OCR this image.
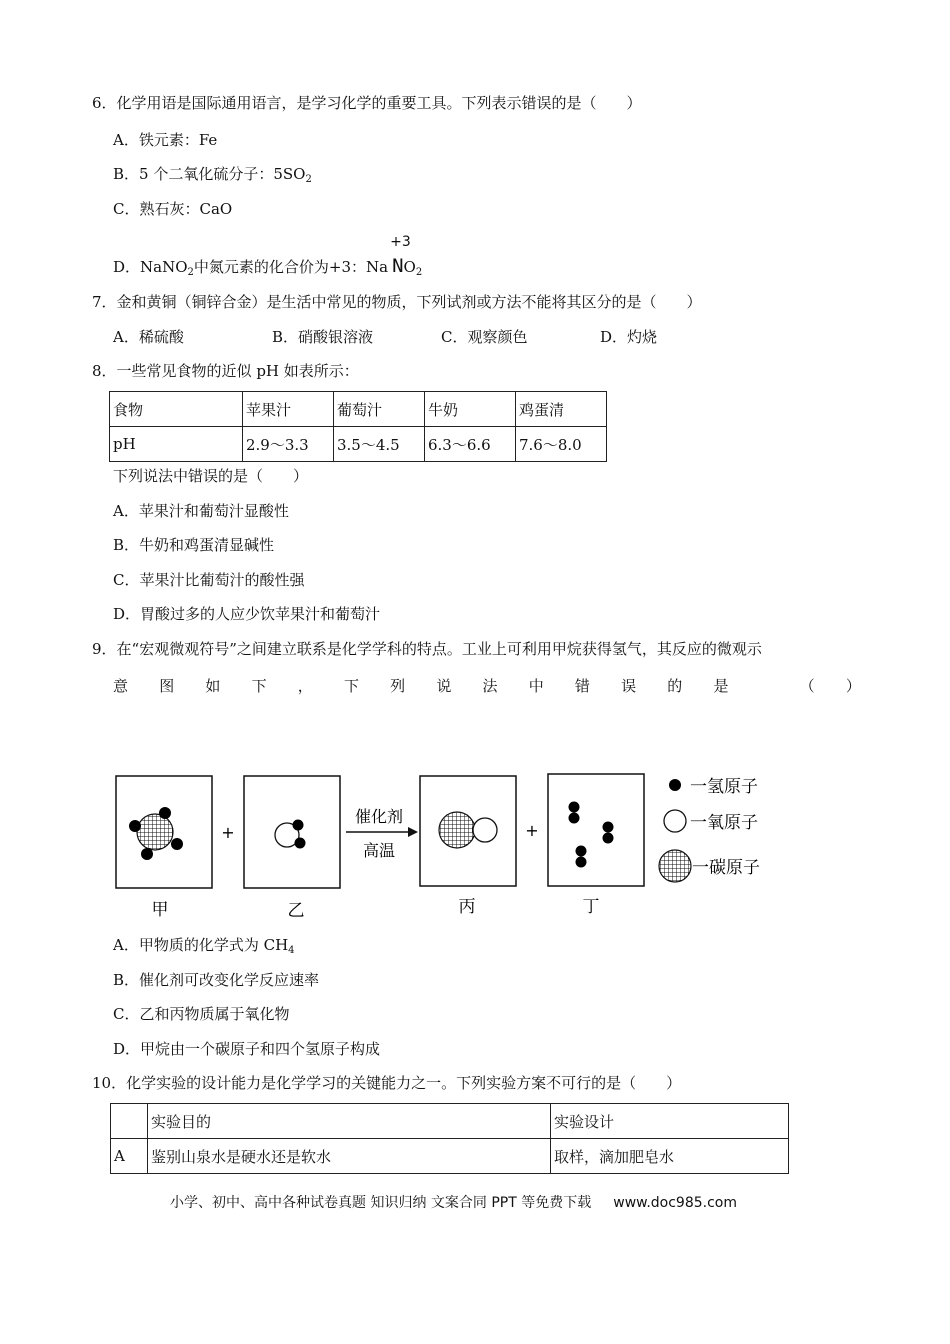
6．化学用语是国际通用语言，是学习化学的重要工具。下列表示错误的是（　　）
A．铁元素：Fe
B．5 个二氧化硫分子：$5SO_2$
C．熟石灰：CaO
D．NaNO$_2$中氮元素的化合价为+3：Na
+3
$NO_2$
7．金和黄铜（铜锌合金）是生活中常见的物质，下列试剂或方法不能将其区分的是（　　）
A．稀硫酸	B．硝酸银溶液	C．观察颜色	D．灼烧
8．一些常见食物的近似 pH 如表所示：
食物	苹果汁	葡萄汁	牛奶	鸡蛋清
pH	2.9～3.3	3.5～4.5	6.3～6.6	7.6～8.0
下列说法中错误的是（　　）
A．苹果汁和葡萄汁显酸性
B．牛奶和鸡蛋清显碱性
C．苹果汁比葡萄汁的酸性强
D．胃酸过多的人应少饮苹果汁和葡萄汁
9．在“宏观微观符号”之间建立联系是化学学科的特点。工业上可利用甲烷获得氢气，其反应的微观示
意 图 如 下 ， 下 列 说 法 中 错 误 的 是	（ ）
甲
+
乙
催化剂
高温
丙
+
丁
一氢原子
一氧原子
一碳原子
A．甲物质的化学式为 $CH_4$
B．催化剂可改变化学反应速率
C．乙和丙物质属于氧化物
D．甲烷由一个碳原子和四个氢原子构成
10．化学实验的设计能力是化学学习的关键能力之一。下列实验方案不可行的是（　　）
	实验目的	实验设计
A	鉴别山泉水是硬水还是软水	取样，滴加肥皂水
小学、初中、高中各种试卷真题 知识归纳 文案合同 PPT 等免费下载 www.doc985.com
